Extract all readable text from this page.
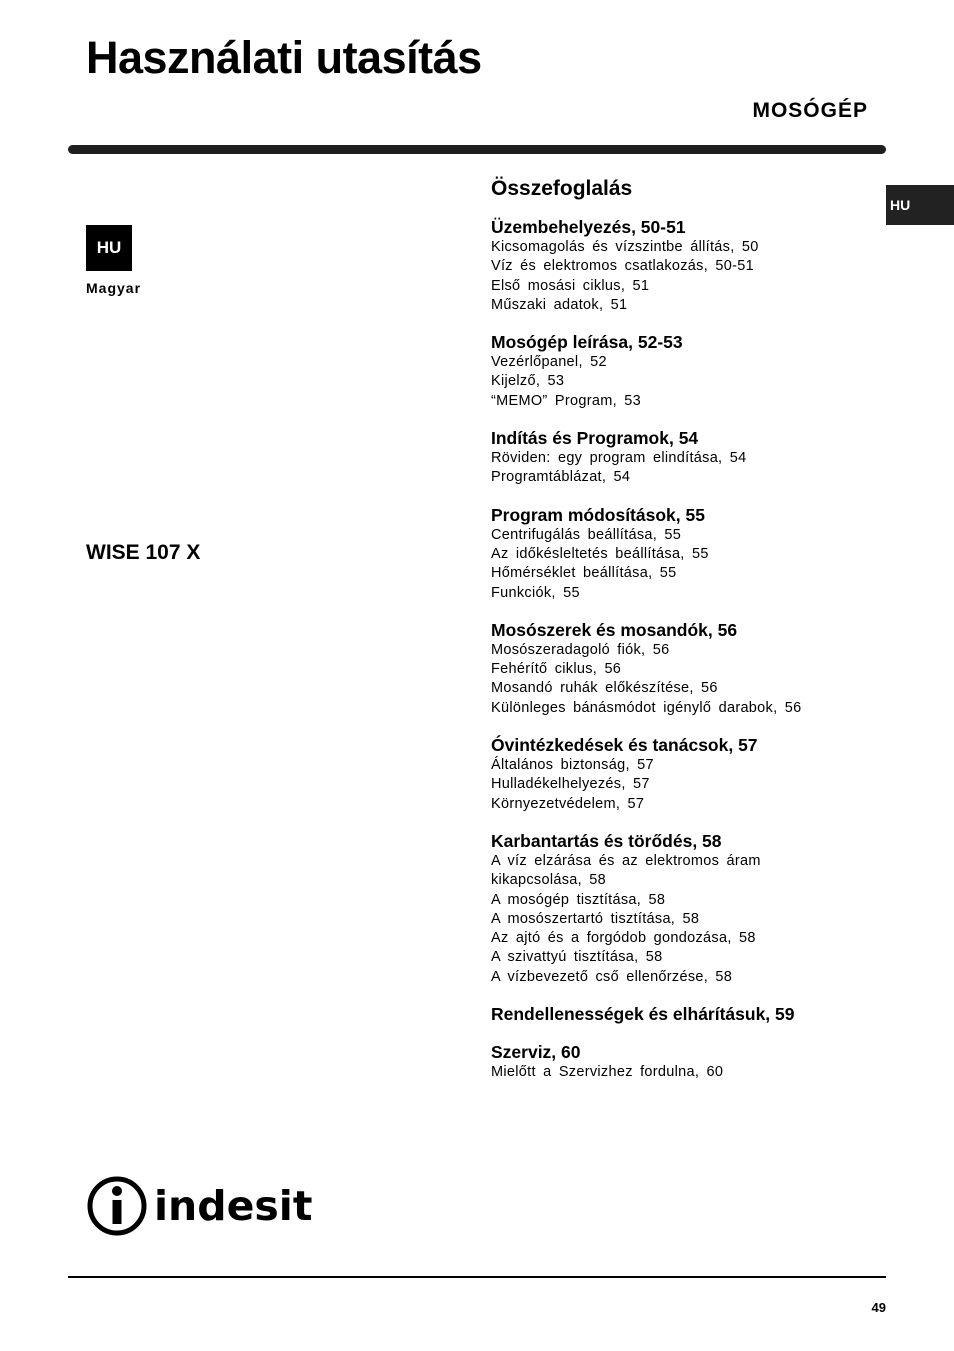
Használati utasítás
MOSÓGÉP
HU
Magyar
WISE 107 X
HU
Összefoglalás
Üzembehelyezés, 50-51
Kicsomagolás és vízszintbe állítás, 50
Víz és elektromos csatlakozás, 50-51
Első mosási ciklus, 51
Műszaki adatok, 51
Mosógép leírása, 52-53
Vezérlőpanel, 52
Kijelző, 53
“MEMO” Program, 53
Indítás és Programok, 54
Röviden: egy program elindítása, 54
Programtáblázat, 54
Program módosítások, 55
Centrifugálás beállítása, 55
Az időkésleltetés beállítása, 55
Hőmérséklet beállítása, 55
Funkciók, 55
Mosószerek és mosandók, 56
Mosószeradagoló fiók, 56
Fehérítő ciklus, 56
Mosandó ruhák előkészítése, 56
Különleges bánásmódot igénylő darabok, 56
Óvintézkedések és tanácsok, 57
Általános biztonság, 57
Hulladékelhelyezés, 57
Környezetvédelem, 57
Karbantartás és törődés, 58
A víz elzárása és az elektromos áram
kikapcsolása, 58
A mosógép tisztítása, 58
A mosószertartó tisztítása, 58
Az ajtó és a forgódob gondozása, 58
A szivattyú tisztítása, 58
A vízbevezető cső ellenőrzése, 58
Rendellenességek és elhárításuk, 59
Szerviz, 60
Mielőtt a Szervizhez fordulna, 60
indesit
49
